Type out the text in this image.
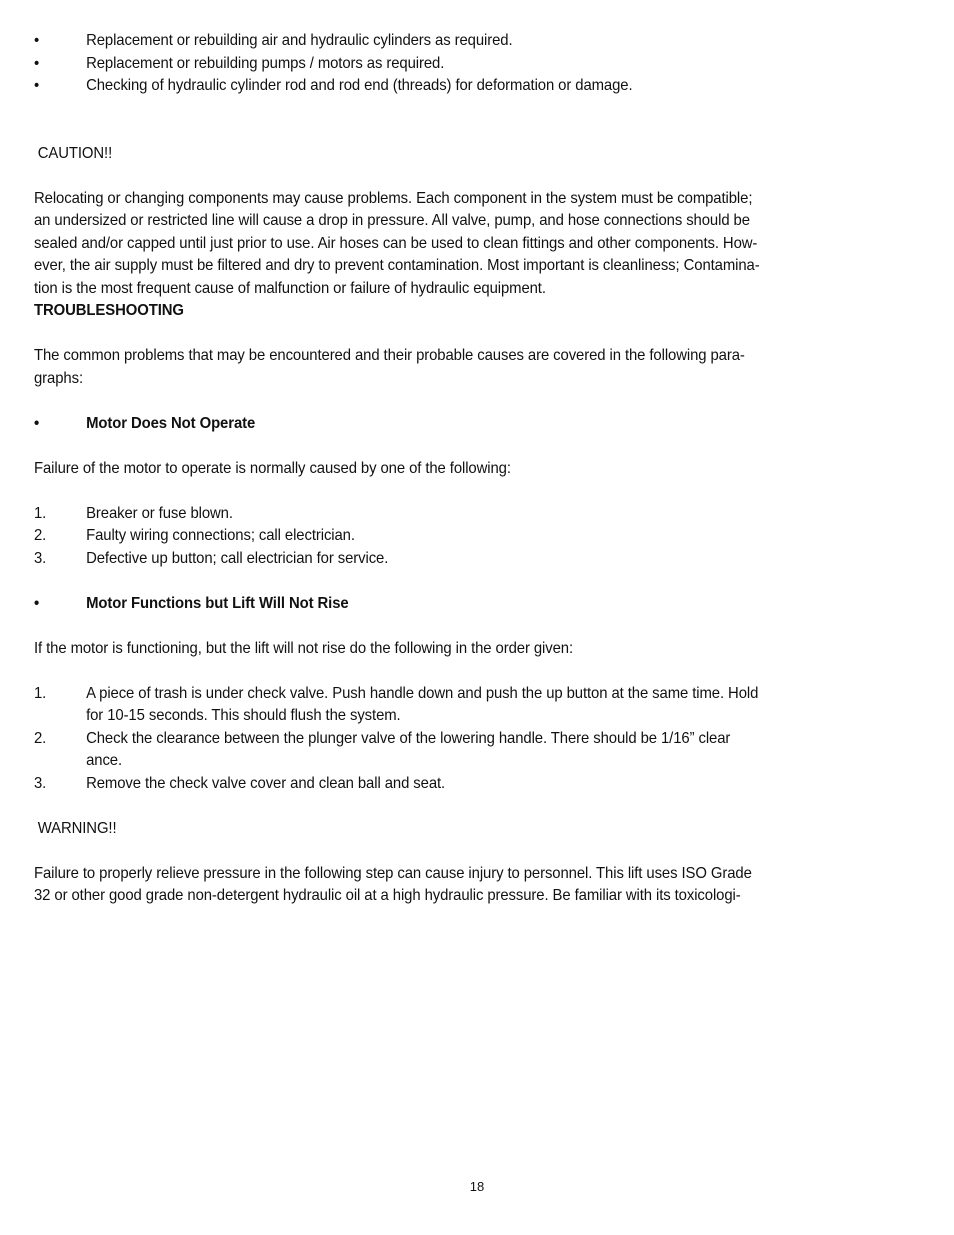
•	Replacement or rebuilding air and hydraulic cylinders as required.
•	Replacement or rebuilding pumps / motors as required.
•	Checking of hydraulic cylinder rod and rod end (threads) for deformation or damage.
CAUTION!!
Relocating or changing components may cause problems. Each component in the system must be compatible;
an undersized or restricted line will cause a drop in pressure. All valve, pump, and hose connections should be
sealed and/or capped until just prior to use. Air hoses can be used to clean fittings and other components. How-
ever, the air supply must be filtered and dry to prevent contamination. Most important is cleanliness; Contamina-
tion is the most frequent cause of malfunction or failure of hydraulic equipment.
TROUBLESHOOTING
The common problems that may be encountered and their probable causes are covered in the following para-
graphs:
•	Motor Does Not Operate
Failure of the motor to operate is normally caused by one of the following:
1. Breaker or fuse blown.
2. Faulty wiring connections; call electrician.
3. Defective up button; call electrician for service.
•	Motor Functions but Lift Will Not Rise
If the motor is functioning, but the lift will not rise do the following in the order given:
1. A piece of trash is under check valve. Push handle down and push the up button at the same time. Hold
for 10-15 seconds. This should flush the system.
2. Check the clearance between the plunger valve of the lowering handle. There should be 1/16” clear
ance.
3. Remove the check valve cover and clean ball and seat.
WARNING!!
Failure to properly relieve pressure in the following step can cause injury to personnel. This lift uses ISO Grade
32 or other good grade non-detergent hydraulic oil at a high hydraulic pressure. Be familiar with its toxicologi-
18
